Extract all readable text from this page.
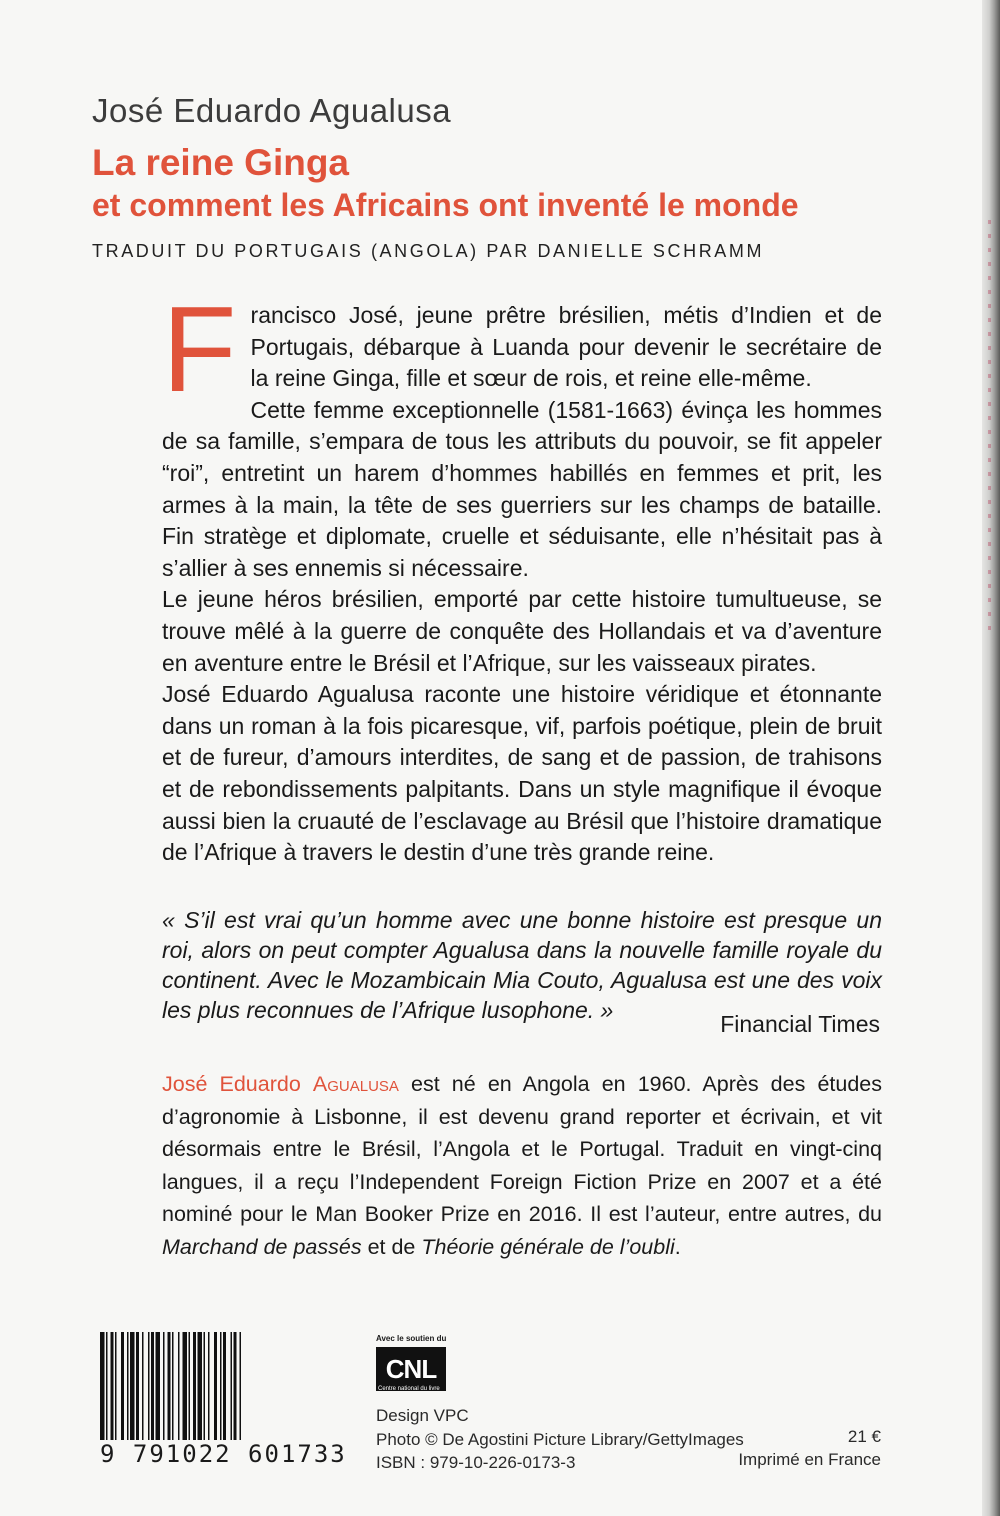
José Eduardo Agualusa
La reine Ginga
et comment les Africains ont inventé le monde
TRADUIT DU PORTUGAIS (ANGOLA) PAR DANIELLE SCHRAMM

Francisco José, jeune prêtre brésilien, métis d’Indien et de Portugais, débarque à Luanda pour devenir le secrétaire de la reine Ginga, fille et sœur de rois, et reine elle-même.

Cette femme exceptionnelle (1581-1663) évinça les hommes de sa famille, s’empara de tous les attributs du pouvoir, se fit appeler “roi”, entretint un harem d’hommes habillés en femmes et prit, les armes à la main, la tête de ses guerriers sur les champs de bataille. Fin stratège et diplomate, cruelle et séduisante, elle n’hésitait pas à s’allier à ses ennemis si nécessaire.

Le jeune héros brésilien, emporté par cette histoire tumultueuse, se trouve mêlé à la guerre de conquête des Hollandais et va d’aventure en aventure entre le Brésil et l’Afrique, sur les vaisseaux pirates.

José Eduardo Agualusa raconte une histoire véridique et étonnante dans un roman à la fois picaresque, vif, parfois poétique, plein de bruit et de fureur, d’amours interdites, de sang et de passion, de trahisons et de rebondissements palpitants. Dans un style magnifique il évoque aussi bien la cruauté de l’esclavage au Brésil que l’histoire dramatique de l’Afrique à travers le destin d’une très grande reine.

« S’il est vrai qu’un homme avec une bonne histoire est presque un roi, alors on peut compter Agualusa dans la nouvelle famille royale du continent. Avec le Mozambicain Mia Couto, Agualusa est une des voix les plus reconnues de l’Afrique lusophone. »
Financial Times
José Eduardo Agualusa est né en Angola en 1960. Après des études d’agronomie à Lisbonne, il est devenu grand reporter et écrivain, et vit désormais entre le Brésil, l’Angola et le Portugal. Traduit en vingt-cinq langues, il a reçu l’Independent Foreign Fiction Prize en 2007 et a été nominé pour le Man Booker Prize en 2016. Il est l’auteur, entre autres, du Marchand de passés et de Théorie générale de l’oubli.
9 791022 601733
Avec le soutien du
CNL
Centre national du livre
Design VPC
Photo © De Agostini Picture Library/GettyImages
ISBN : 979-10-226-0173-3
21 €
Imprimé en France
